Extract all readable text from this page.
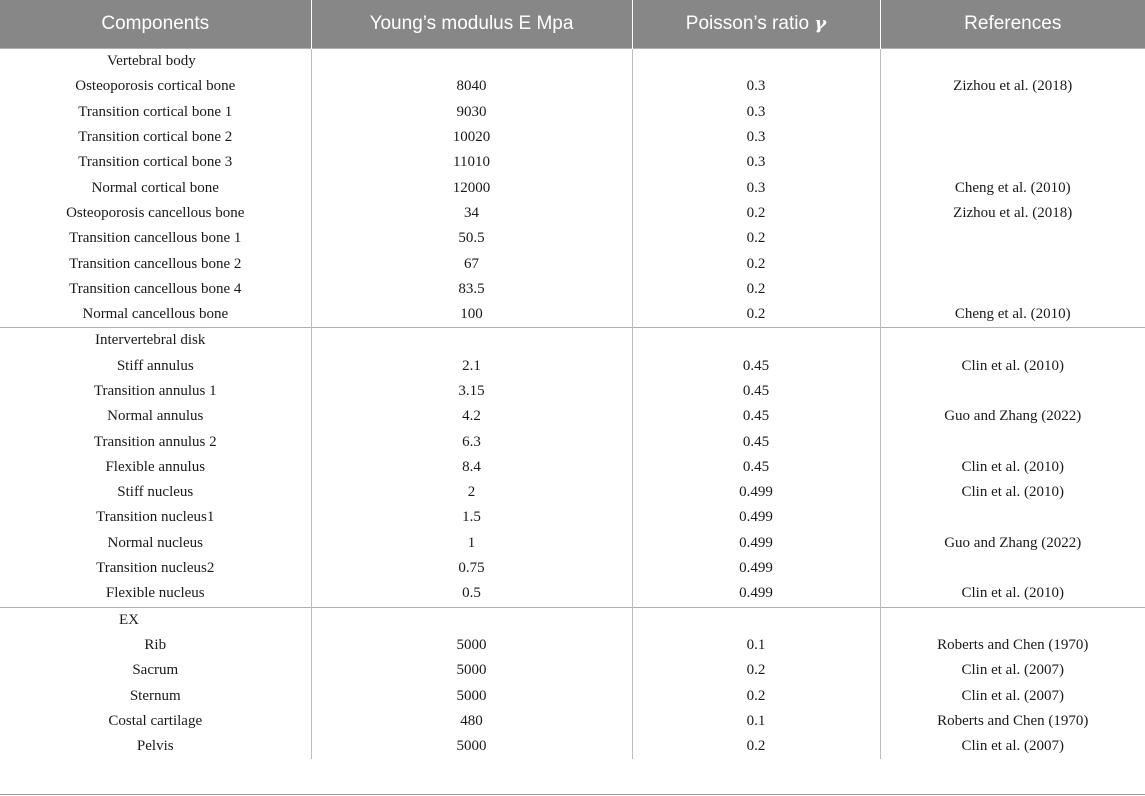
Components	Young’s modulus E Mpa	Poisson’s ratio γ	References
Vertebral body			
Osteoporosis cortical bone	8040	0.3	Zizhou et al. (2018)
Transition cortical bone 1	9030	0.3	
Transition cortical bone 2	10020	0.3	
Transition cortical bone 3	11010	0.3	
Normal cortical bone	12000	0.3	Cheng et al. (2010)
Osteoporosis cancellous bone	34	0.2	Zizhou et al. (2018)
Transition cancellous bone 1	50.5	0.2	
Transition cancellous bone 2	67	0.2	
Transition cancellous bone 4	83.5	0.2	
Normal cancellous bone	100	0.2	Cheng et al. (2010)
Intervertebral disk			
Stiff annulus	2.1	0.45	Clin et al. (2010)
Transition annulus 1	3.15	0.45	
Normal annulus	4.2	0.45	Guo and Zhang (2022)
Transition annulus 2	6.3	0.45	
Flexible annulus	8.4	0.45	Clin et al. (2010)
Stiff nucleus	2	0.499	Clin et al. (2010)
Transition nucleus1	1.5	0.499	
Normal nucleus	1	0.499	Guo and Zhang (2022)
Transition nucleus2	0.75	0.499	
Flexible nucleus	0.5	0.499	Clin et al. (2010)
EX			
Rib	5000	0.1	Roberts and Chen (1970)
Sacrum	5000	0.2	Clin et al. (2007)
Sternum	5000	0.2	Clin et al. (2007)
Costal cartilage	480	0.1	Roberts and Chen (1970)
Pelvis	5000	0.2	Clin et al. (2007)
